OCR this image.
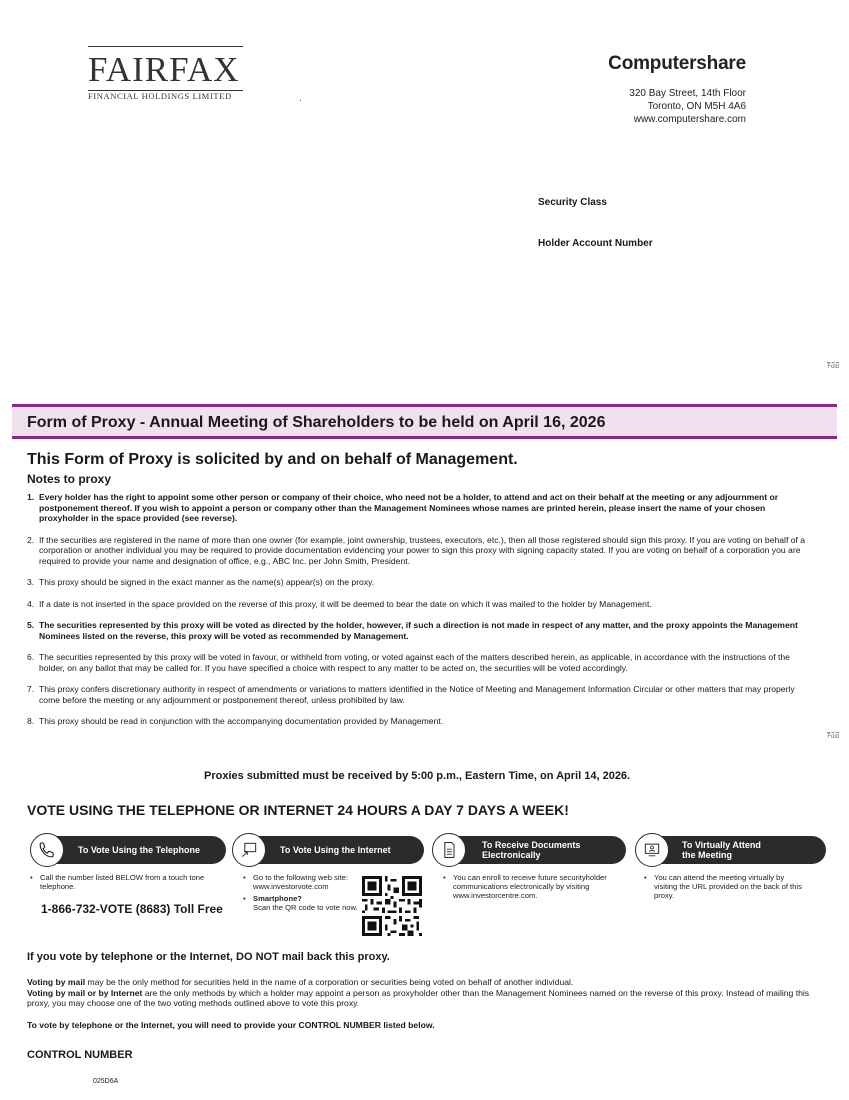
FAIRFAX
FINANCIAL HOLDINGS LIMITED
Computershare
320 Bay Street, 14th Floor
Toronto, ON M5H 4A6
www.computershare.com
Security Class
Holder Account Number
Fold
Fold
Form of Proxy - Annual Meeting of Shareholders to be held on April 16, 2026
This Form of Proxy is solicited by and on behalf of Management.
Notes to proxy

1. Every holder has the right to appoint some other person or company of their choice, who need not be a holder, to attend and act on their behalf at the meeting or any adjournment or postponement thereof. If you wish to appoint a person or company other than the Management Nominees whose names are printed herein, please insert the name of your chosen proxyholder in the space provided (see reverse).

2. If the securities are registered in the name of more than one owner (for example, joint ownership, trustees, executors, etc.), then all those registered should sign this proxy. If you are voting on behalf of a corporation or another individual you may be required to provide documentation evidencing your power to sign this proxy with signing capacity stated. If you are voting on behalf of a corporation you are required to provide your name and designation of office, e.g., ABC Inc. per John Smith, President.

3. This proxy should be signed in the exact manner as the name(s) appear(s) on the proxy.

4. If a date is not inserted in the space provided on the reverse of this proxy, it will be deemed to bear the date on which it was mailed to the holder by Management.

5. The securities represented by this proxy will be voted as directed by the holder, however, if such a direction is not made in respect of any matter, and the proxy appoints the Management Nominees listed on the reverse, this proxy will be voted as recommended by Management.

6. The securities represented by this proxy will be voted in favour, or withheld from voting, or voted against each of the matters described herein, as applicable, in accordance with the instructions of the holder, on any ballot that may be called for. If you have specified a choice with respect to any matter to be acted on, the securities will be voted accordingly.

7. This proxy confers discretionary authority in respect of amendments or variations to matters identified in the Notice of Meeting and Management Information Circular or other matters that may properly come before the meeting or any adjournment or postponement thereof, unless prohibited by law.

8. This proxy should be read in conjunction with the accompanying documentation provided by Management.

Proxies submitted must be received by 5:00 p.m., Eastern Time, on April 14, 2026.
VOTE USING THE TELEPHONE OR INTERNET 24 HOURS A DAY 7 DAYS A WEEK!
To Vote Using the Telephone
• Call the number listed BELOW from a touch tone telephone.
1-866-732-VOTE (8683) Toll Free
To Vote Using the Internet
• Go to the following web site: www.investorvote.com
• Smartphone?
Scan the QR code to vote now.
To Receive Documents
Electronically
• You can enroll to receive future securityholder communications electronically by visiting www.investorcentre.com.
To Virtually Attend
the Meeting
• You can attend the meeting virtually by visiting the URL provided on the back of this proxy.
If you vote by telephone or the Internet, DO NOT mail back this proxy.
Voting by mail may be the only method for securities held in the name of a corporation or securities being voted on behalf of another individual.
Voting by mail or by Internet are the only methods by which a holder may appoint a person as proxyholder other than the Management Nominees named on the reverse of this proxy. Instead of mailing this proxy, you may choose one of the two voting methods outlined above to vote this proxy.
To vote by telephone or the Internet, you will need to provide your CONTROL NUMBER listed below.
CONTROL NUMBER
025D6A
